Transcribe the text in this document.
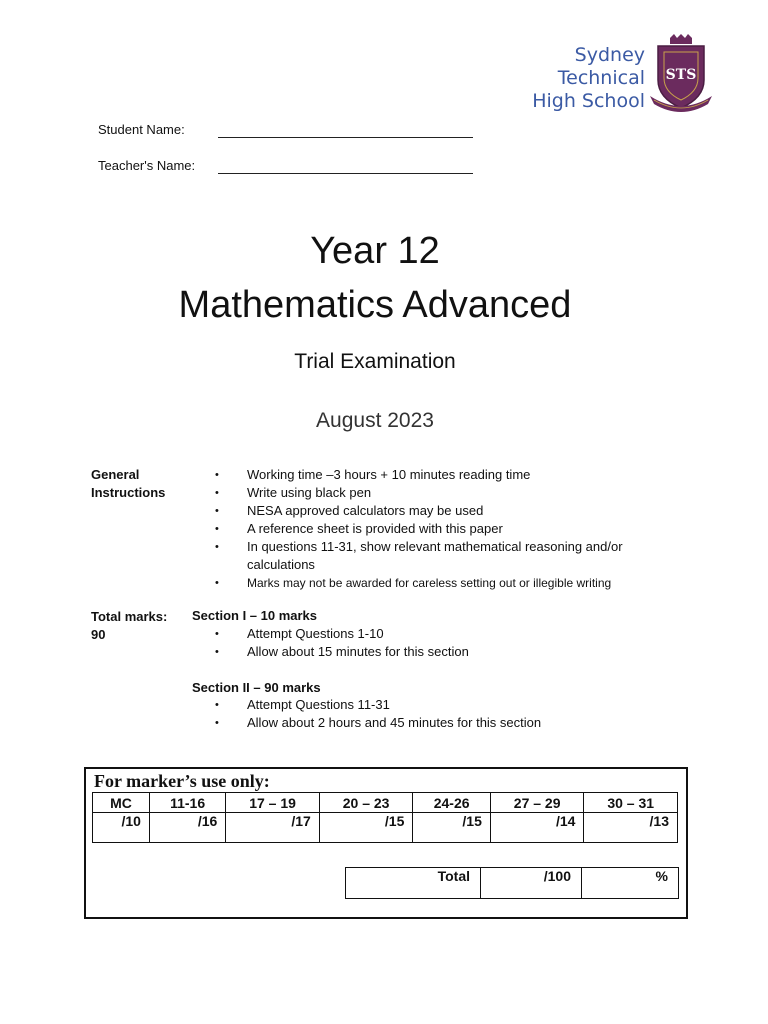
Sydney
Technical
High School
STS
Student Name:
Teacher's Name:
Year 12
Mathematics Advanced
Trial Examination
August 2023
General
Instructions
• Working time –3 hours + 10 minutes reading time
• Write using black pen
• NESA approved calculators may be used
• A reference sheet is provided with this paper
• In questions 11-31, show relevant mathematical reasoning and/or calculations
• Marks may not be awarded for careless setting out or illegible writing
Total marks:
90
Section I – 10 marks
• Attempt Questions 1-10
• Allow about 15 minutes for this section
Section II – 90 marks
• Attempt Questions 11-31
• Allow about 2 hours and 45 minutes for this section
For marker’s use only:
MC	11-16	17 – 19	20 – 23	24-26	27 – 29	30 – 31
/10	/16	/17	/15	/15	/14	/13
Total	/100	%
